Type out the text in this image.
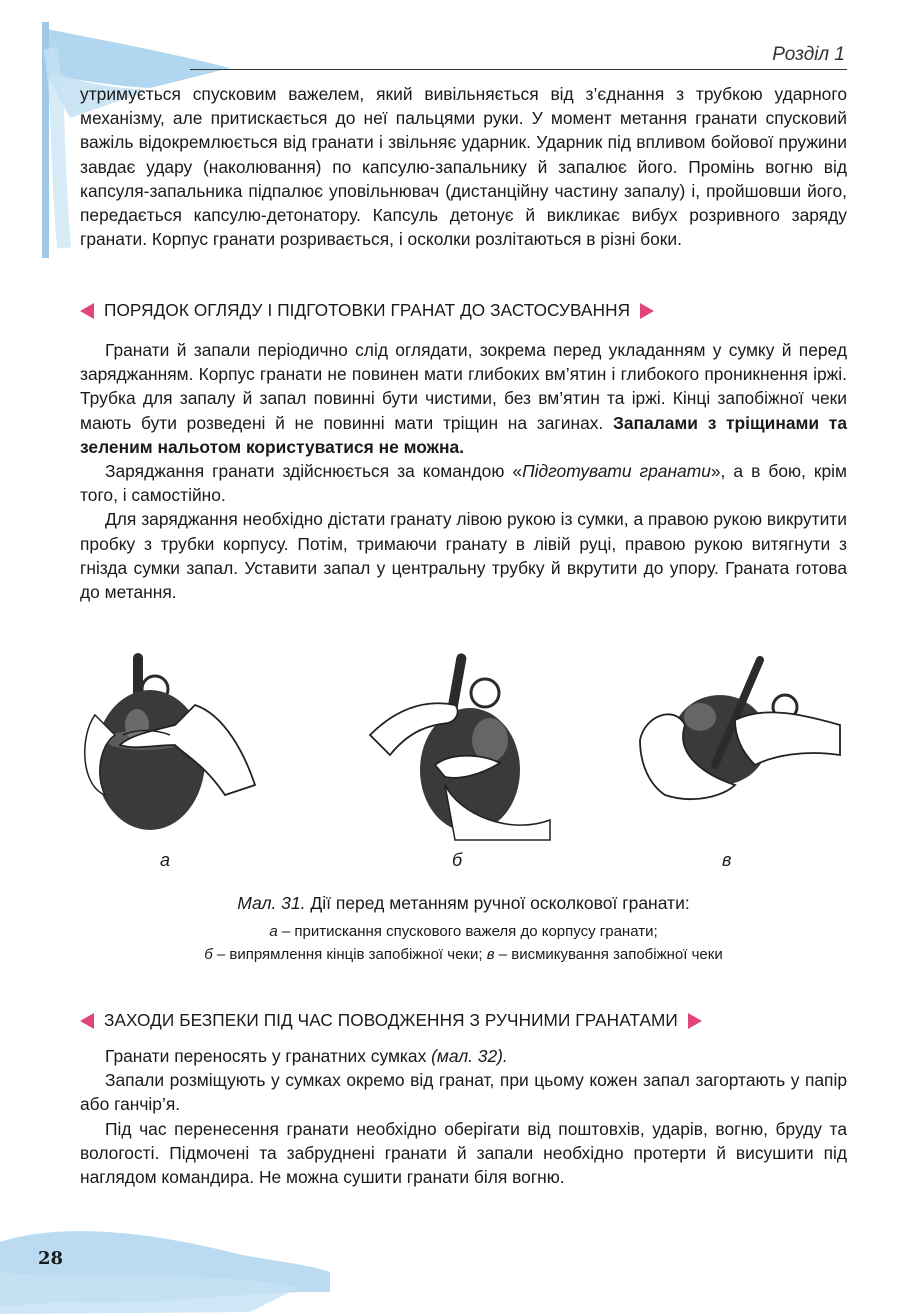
Розділ 1

утримується спусковим важелем, який вивільняється від з’єднання з трубкою ударного механізму, але притискається до неї пальцями руки. У момент метання гранати спусковий важіль відокремлюється від гранати і звільняє ударник. Ударник під впливом бойової пружини завдає удару (наколювання) по капсулю-запальнику й запалює його. Промінь вогню від капсуля-запальника підпалює уповільнювач (дистанційну частину запалу) і, пройшовши його, передається капсулю-детонатору. Капсуль детонує й викликає вибух розривного заряду гранати. Корпус гранати розривається, і осколки розлітаються в різні боки.

ПОРЯДОК ОГЛЯДУ І ПІДГОТОВКИ ГРАНАТ ДО ЗАСТОСУВАННЯ

Гранати й запали періодично слід оглядати, зокрема перед укладанням у сумку й перед заряджанням. Корпус гранати не повинен мати глибоких вм’ятин і глибокого проникнення іржі. Трубка для запалу й запал повинні бути чистими, без вм’ятин та іржі. Кінці запобіжної чеки мають бути розведені й не повинні мати тріщин на загинах. Запалами з тріщинами та зеленим нальотом користуватися не можна.

Заряджання гранати здійснюється за командою «Підготувати гранати», а в бою, крім того, і самостійно.

Для заряджання необхідно дістати гранату лівою рукою із сумки, а правою рукою викрутити пробку з трубки корпусу. Потім, тримаючи гранату в лівій руці, правою рукою витягнути з гнізда сумки запал. Уставити запал у центральну трубку й вкрутити до упору. Граната готова до метання.

а	б	в
Мал. 31. Дії перед метанням ручної осколкової гранати:
а – притискання спускового важеля до корпусу гранати;
б – випрямлення кінців запобіжної чеки; в – висмикування запобіжної чеки
ЗАХОДИ БЕЗПЕКИ ПІД ЧАС ПОВОДЖЕННЯ З РУЧНИМИ ГРАНАТАМИ

Гранати переносять у гранатних сумках (мал. 32).

Запали розміщують у сумках окремо від гранат, при цьому кожен запал загортають у папір або ганчір’я.

Під час перенесення гранати необхідно оберігати від поштовхів, ударів, вогню, бруду та вологості. Підмочені та забруднені гранати й запали необхідно протерти й висушити під наглядом командира. Не можна сушити гранати біля вогню.

28
